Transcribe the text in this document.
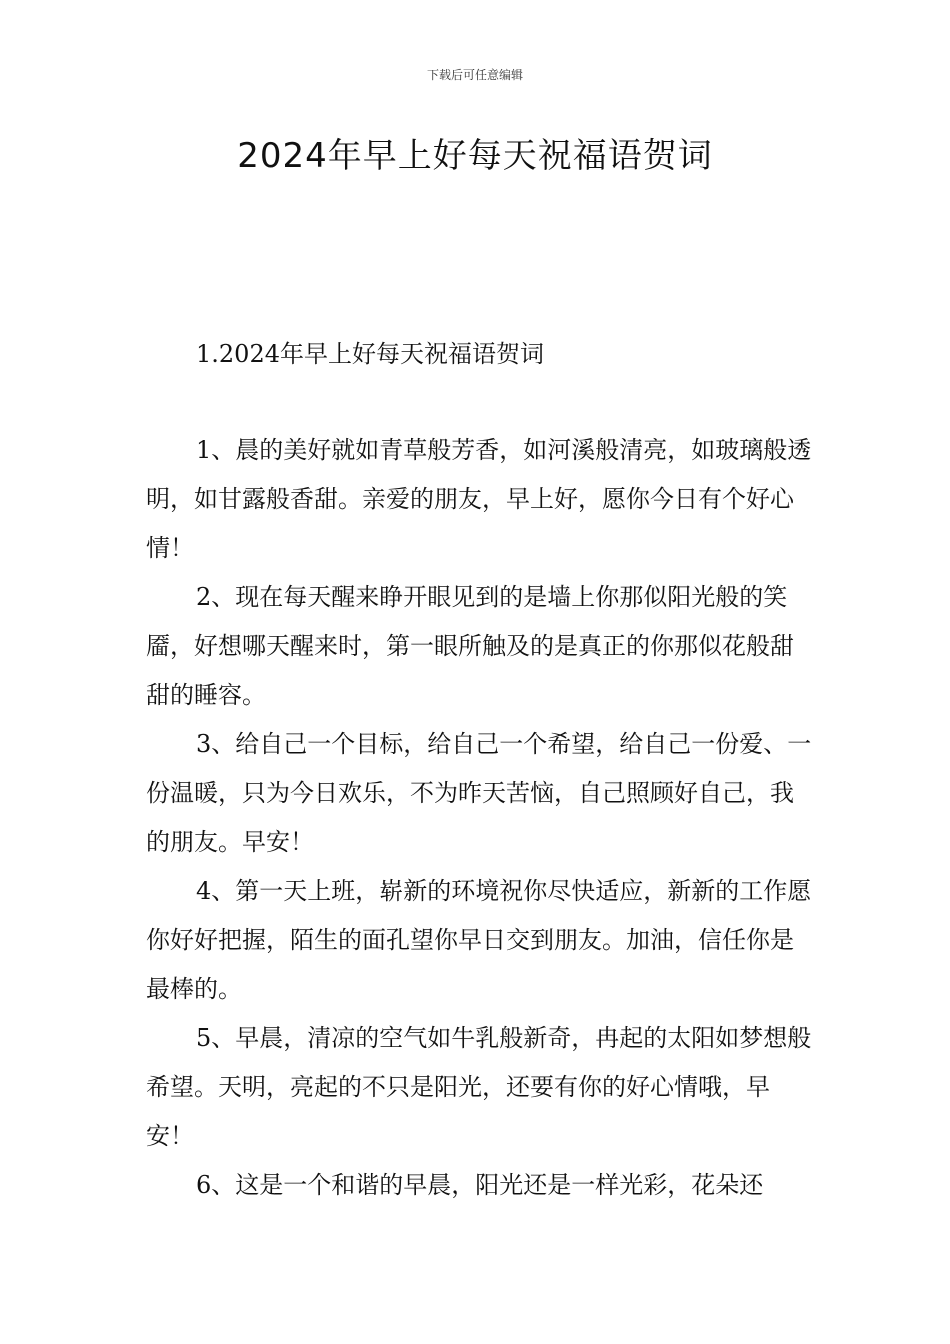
下载后可任意编辑
2024年早上好每天祝福语贺词
1.2024年早上好每天祝福语贺词

1、晨的美好就如青草般芳香，如河溪般清亮，如玻璃般透明，如甘露般香甜。亲爱的朋友，早上好，愿你今日有个好心情！

2、现在每天醒来睁开眼见到的是墙上你那似阳光般的笑靥，好想哪天醒来时，第一眼所触及的是真正的你那似花般甜甜的睡容。

3、给自己一个目标，给自己一个希望，给自己一份爱、一份温暖，只为今日欢乐，不为昨天苦恼，自己照顾好自己，我的朋友。早安！

4、第一天上班，崭新的环境祝你尽快适应，新新的工作愿你好好把握，陌生的面孔望你早日交到朋友。加油，信任你是最棒的。

5、早晨，清凉的空气如牛乳般新奇，冉起的太阳如梦想般希望。天明，亮起的不只是阳光，还要有你的好心情哦，早安！

6、这是一个和谐的早晨，阳光还是一样光彩，花朵还
